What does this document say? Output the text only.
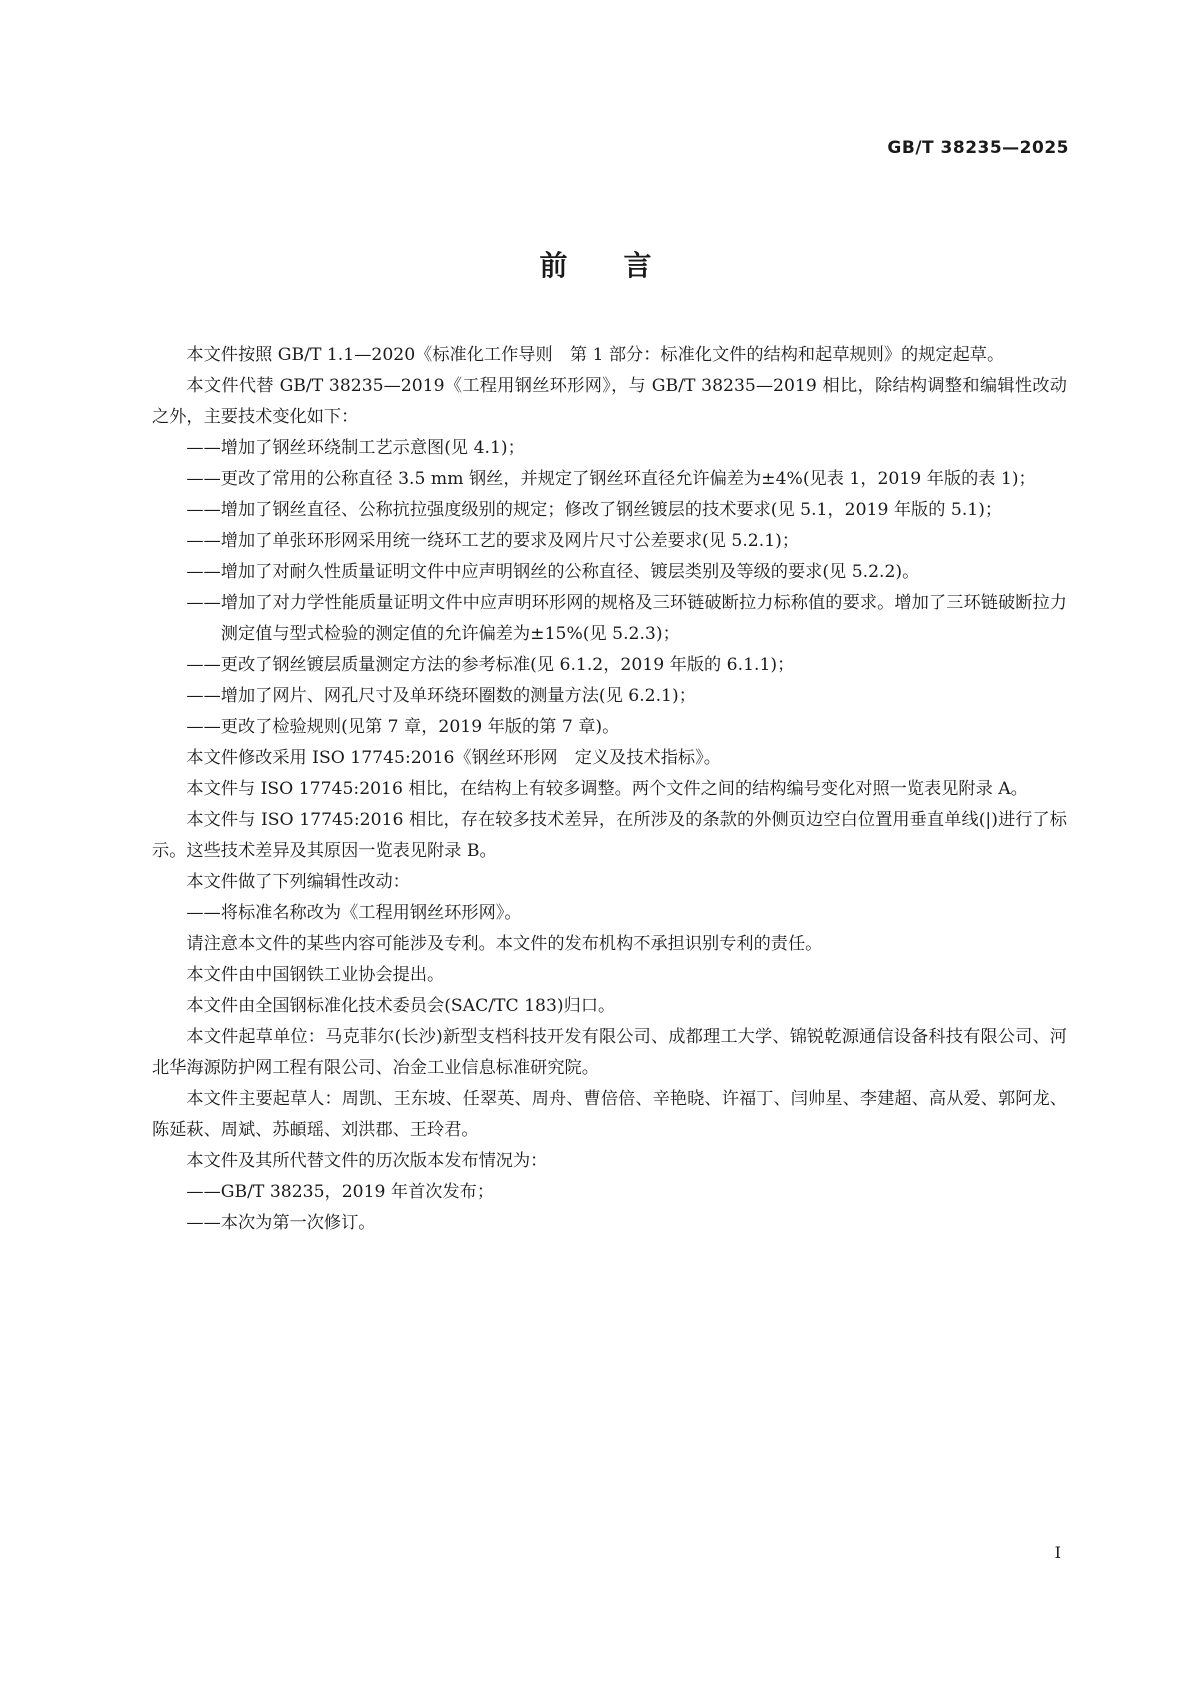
GB/T 38235—2025
前言

本文件按照 GB/T 1.1—2020《标准化工作导则　第 1 部分：标准化文件的结构和起草规则》的规定起草。

本文件代替 GB/T 38235—2019《工程用钢丝环形网》，与 GB/T 38235—2019 相比，除结构调整和编辑性改动之外，主要技术变化如下：

——增加了钢丝环绕制工艺示意图(见 4.1)；

——更改了常用的公称直径 3.5 mm 钢丝，并规定了钢丝环直径允许偏差为±4%(见表 1，2019 年版的表 1)；

——增加了钢丝直径、公称抗拉强度级别的规定；修改了钢丝镀层的技术要求(见 5.1，2019 年版的 5.1)；

——增加了单张环形网采用统一绕环工艺的要求及网片尺寸公差要求(见 5.2.1)；

——增加了对耐久性质量证明文件中应声明钢丝的公称直径、镀层类别及等级的要求(见 5.2.2)。

——增加了对力学性能质量证明文件中应声明环形网的规格及三环链破断拉力标称值的要求。增加了三环链破断拉力测定值与型式检验的测定值的允许偏差为±15%(见 5.2.3)；

——更改了钢丝镀层质量测定方法的参考标准(见 6.1.2，2019 年版的 6.1.1)；

——增加了网片、网孔尺寸及单环绕环圈数的测量方法(见 6.2.1)；

——更改了检验规则(见第 7 章，2019 年版的第 7 章)。

本文件修改采用 ISO 17745:2016《钢丝环形网　定义及技术指标》。

本文件与 ISO 17745:2016 相比，在结构上有较多调整。两个文件之间的结构编号变化对照一览表见附录 A。

本文件与 ISO 17745:2016 相比，存在较多技术差异，在所涉及的条款的外侧页边空白位置用垂直单线(|)进行了标示。这些技术差异及其原因一览表见附录 B。

本文件做了下列编辑性改动：

——将标准名称改为《工程用钢丝环形网》。

请注意本文件的某些内容可能涉及专利。本文件的发布机构不承担识别专利的责任。

本文件由中国钢铁工业协会提出。

本文件由全国钢标准化技术委员会(SAC/TC 183)归口。

本文件起草单位：马克菲尔(长沙)新型支档科技开发有限公司、成都理工大学、锦锐乾源通信设备科技有限公司、河北华海源防护网工程有限公司、冶金工业信息标准研究院。

本文件主要起草人：周凯、王东坡、任翠英、周舟、曹倍倍、辛艳晓、许福丁、闫帅星、李建超、高从爱、郭阿龙、陈延萩、周斌、苏頔瑶、刘洪郡、王玲君。

本文件及其所代替文件的历次版本发布情况为：

——GB/T 38235，2019 年首次发布；

——本次为第一次修订。

I
